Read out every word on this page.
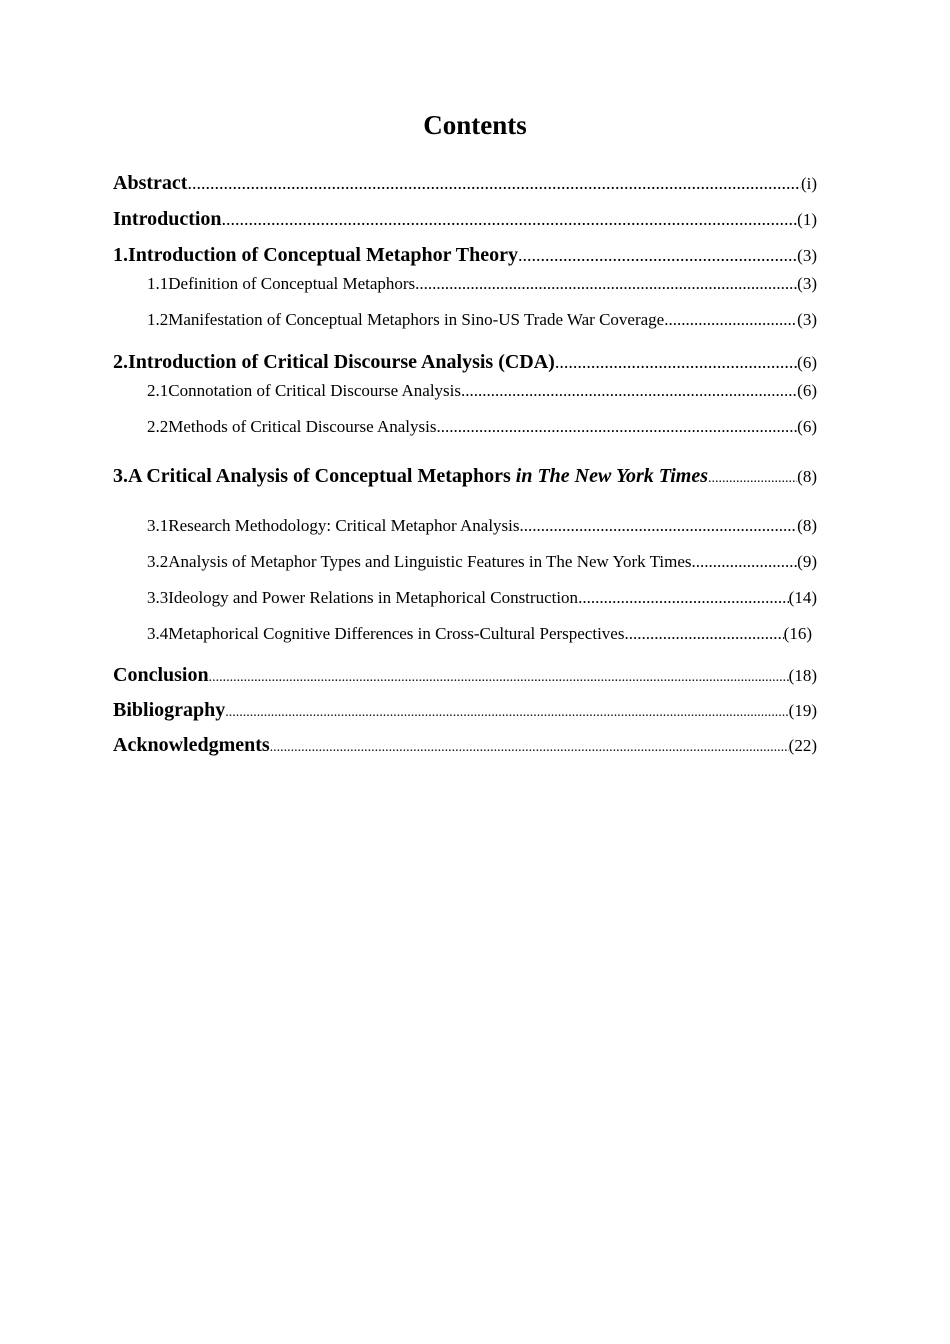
Contents
Abstract .....	(i)
Introduction .....	(1)
1.Introduction of Conceptual Metaphor Theory .....	(3)
1.1Definition of Conceptual Metaphors .....	(3)
1.2Manifestation of Conceptual Metaphors in Sino-US Trade War Coverage .....	(3)
2.Introduction of Critical Discourse Analysis (CDA) .....	(6)
2.1Connotation of Critical Discourse Analysis .....	(6)
2.2Methods of Critical Discourse Analysis .....	(6)
3.A Critical Analysis of Conceptual Metaphors in The New York Times .....	(8)
3.1Research Methodology: Critical Metaphor Analysis .....	(8)
3.2Analysis of Metaphor Types and Linguistic Features in The New York Times .....	(9)
3.3Ideology and Power Relations in Metaphorical Construction .....	(14)
3.4Metaphorical Cognitive Differences in Cross-Cultural Perspectives .....	(16)
Conclusion .....	(18)
Bibliography .....	(19)
Acknowledgments .....	(22)
